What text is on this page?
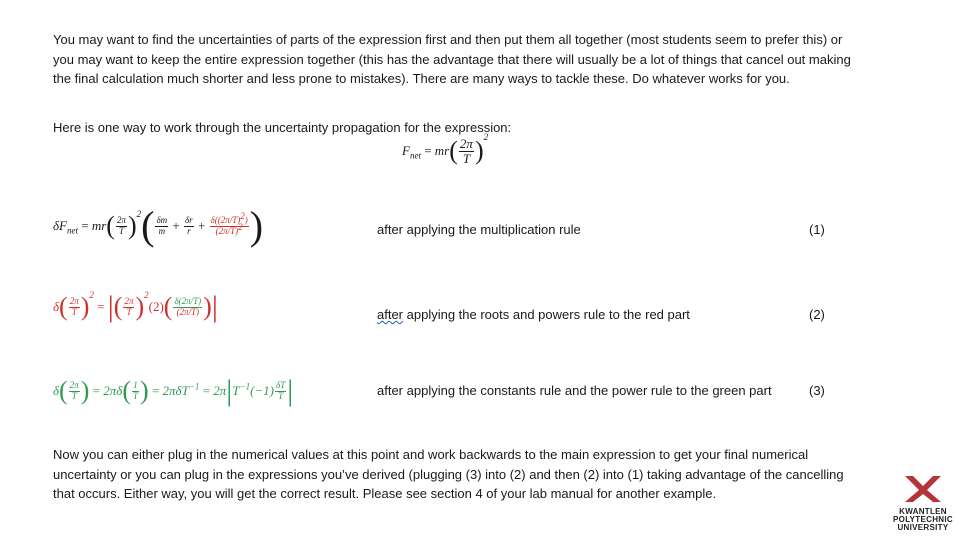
You may want to find the uncertainties of parts of the expression first and then put them all together (most students seem to prefer this) or you may want to keep the entire expression together (this has the advantage that there will usually be a lot of things that cancel out making the final calculation much shorter and less prone to mistakes). There are many ways to tackle these. Do whatever works for you.

Here is one way to work through the uncertainty propagation for the expression:

$F_{net}$ = mr ( $\frac{2\pi}{T} )^2$
$\delta F_{net}$ = mr ( $\frac{2\pi}{T} )^2$ ( $\frac{\delta m}{m} + \frac{\delta r}{r} + \frac{\delta((2\pi/T)^2)}{(2\pi/T)^2}$ )	after applying the multiplication rule	(1)
δ ( $\frac{2\pi}{T} )^2$
= | ( $\frac{2\pi}{T} )^2$
(2) ( $\frac{\delta(2\pi/T)}{(2\pi/T)}$ ) |	after applying the roots and powers rule to the red part	(2)
δ ( $\frac{2\pi}{T}$ ) = 2πδ ( $\frac{1}{T}$ ) = 2πδT$^{-1}$ = 2π | $T^{-1}(-1) \frac{\delta T}{T}$ |	after applying the constants rule and the power rule to the green part	(3)

Now you can either plug in the numerical values at this point and work backwards to the main expression to get your final numerical uncertainty or you can plug in the expressions you’ve derived (plugging (3) into (2) and then (2) into (1) taking advantage of the cancelling that occurs. Either way, you will get the correct result. Please see section 4 of your lab manual for another example.

KWANTLEN
POLYTECHNIC
UNIVERSITY
